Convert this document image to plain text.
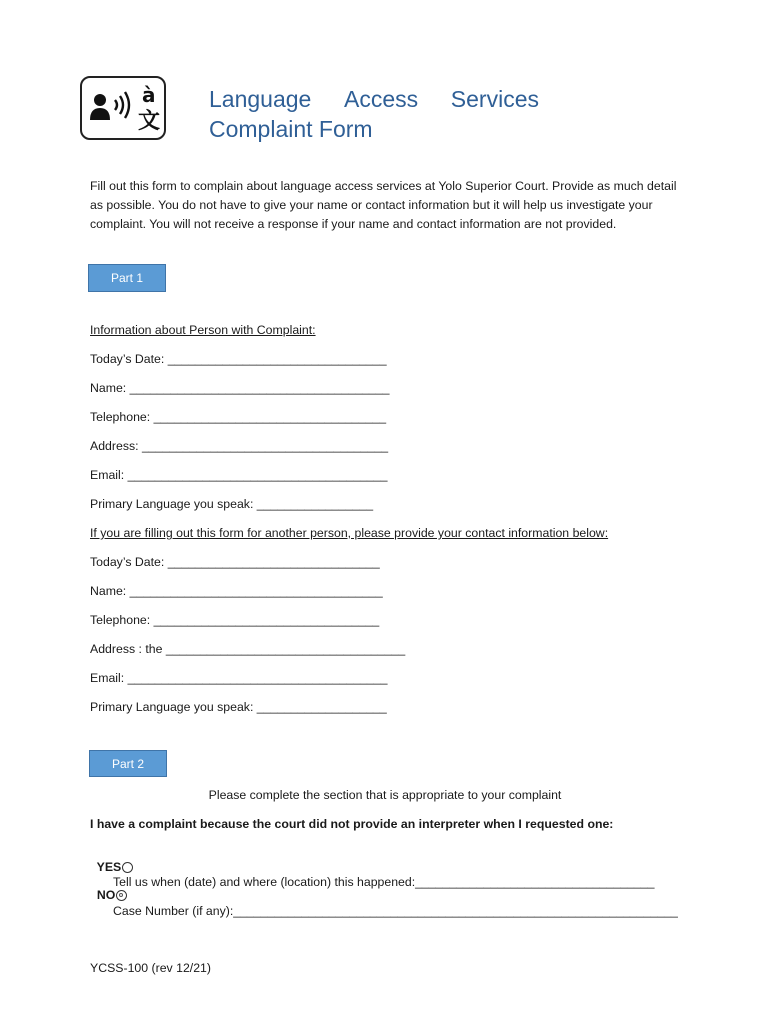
à
文
Language Access Services
Complaint Form
Fill out this form to complain about language access services at Yolo Superior Court. Provide as much detail as possible. You do not have to give your name or contact information but it will help us investigate your complaint. You will not receive a response if your name and contact information are not provided.
Part 1
Information about Person with Complaint:
Today’s Date: ________________________________
Name: ______________________________________
Telephone: __________________________________
Address: ____________________________________
Email: ______________________________________
Primary Language you speak: _________________
If you are filling out this form for another person, please provide your contact information below:
Today’s Date: _______________________________
Name: _____________________________________
Telephone: _________________________________
Address : the ___________________________________
Email: ______________________________________
Primary Language you speak: ___________________
Part 2
Please complete the section that is appropriate to your complaint
I have a complaint because the court did not provide an interpreter when I requested one:

YES

NO

Tell us when (date) and where (location) this happened:___________________________________
Case Number (if any):_________________________________________________________________
YCSS-100 (rev 12/21)
